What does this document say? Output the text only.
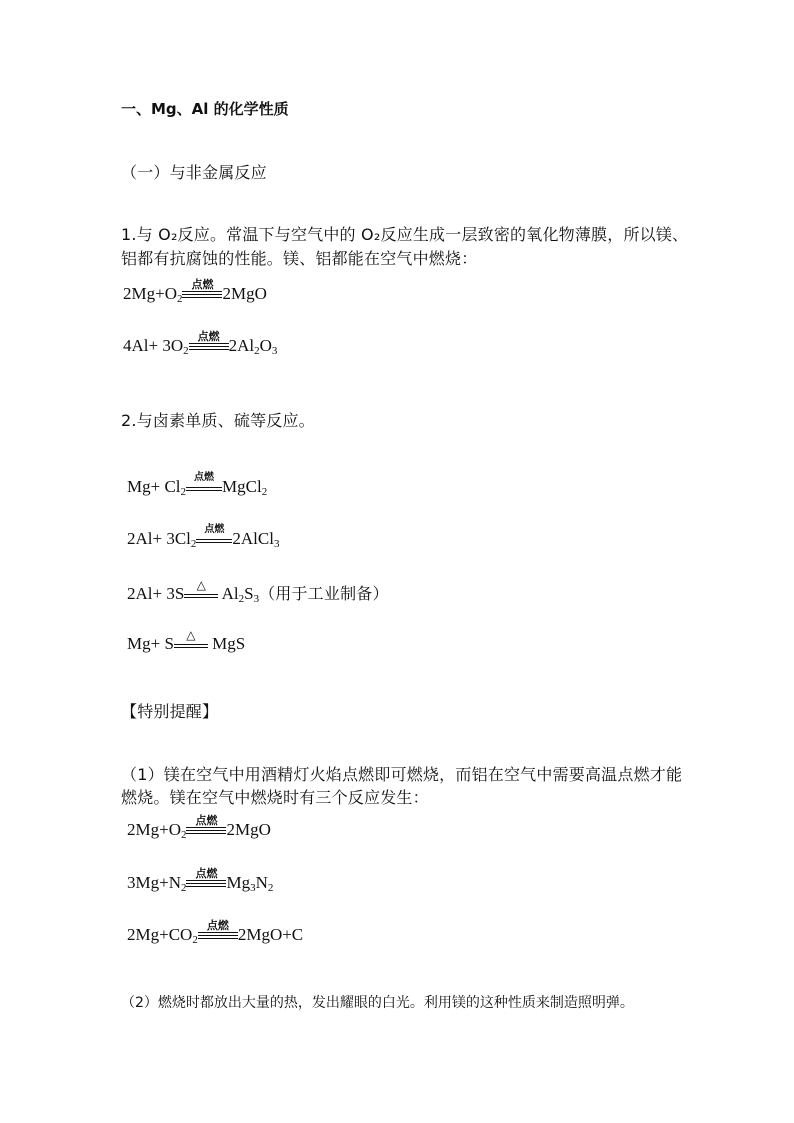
一、Mg、Al 的化学性质
（一）与非金属反应
1.与 O₂反应。常温下与空气中的 O₂反应生成一层致密的氧化物薄膜，所以镁、
铝都有抗腐蚀的性能。镁、铝都能在空气中燃烧：
$2Mg+O_2$
点燃 2MgO
$4Al+ 3O_2$
点燃 $2Al_2O_3$
2.与卤素单质、硫等反应。
$Mg+ Cl_2$
点燃 MgCl$_2$
$2Al+ 3Cl_2$
点燃 2AlCl$_3$
2Al+ 3S △ $Al_2S_3$（用于工业制备）
Mg+ S △ MgS
【特别提醒】
（1）镁在空气中用酒精灯火焰点燃即可燃烧，而铝在空气中需要高温点燃才能
燃烧。镁在空气中燃烧时有三个反应发生：
$2Mg+O_2$
点燃 2MgO
$3Mg+N_2$
点燃 $Mg_3N_2$
$2Mg+CO_2$
点燃 2MgO+C
（2）燃烧时都放出大量的热，发出耀眼的白光。利用镁的这种性质来制造照明弹。
